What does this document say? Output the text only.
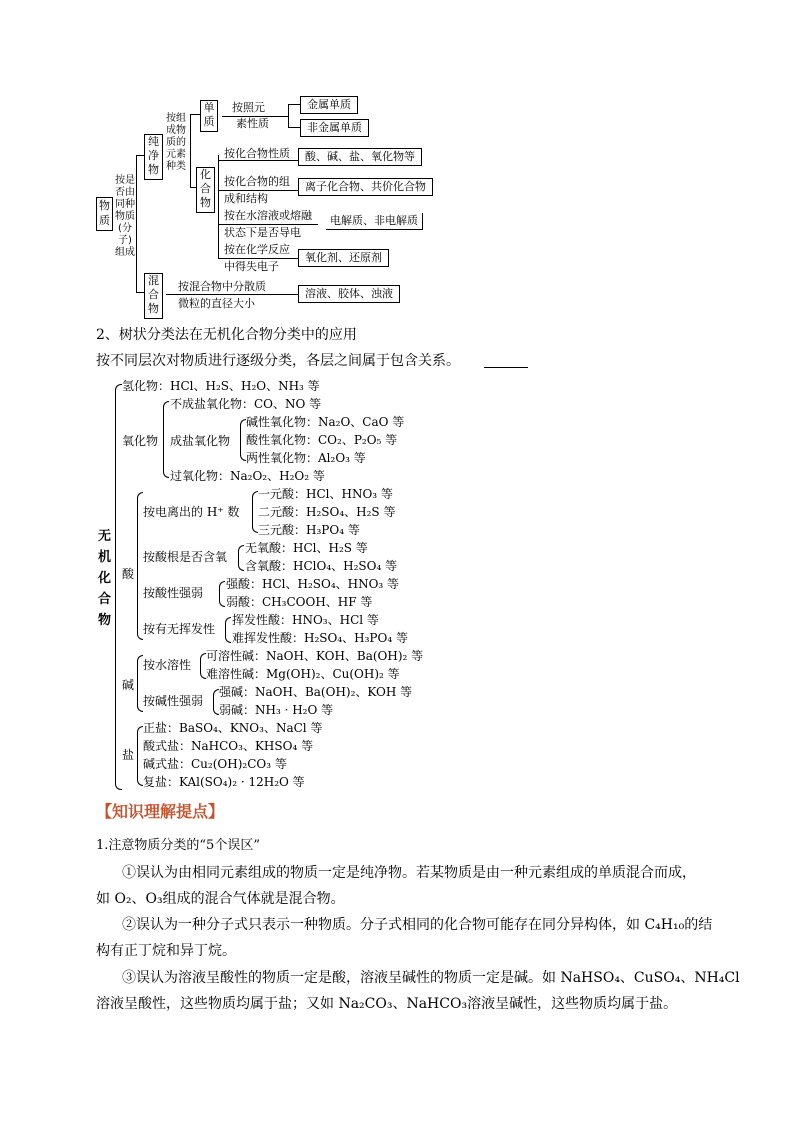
物质
按是
否由
同种
物质
(分子)
组成
纯净物
按组
成物
质的
元素
种类
单质
按照元
素性质
金属单质
非金属单质
化合物
按化合物性质	酸、碱、盐、氧化物等
按化合物的组
成和结构
离子化合物、共价化合物
按在水溶液或熔融
状态下是否导电
电解质、非电解质
按在化学反应
中得失电子
氧化剂、还原剂
混合物
按混合物中分散质
微粒的直径大小
溶液、胶体、浊液
2、树状分类法在无机化合物分类中的应用
按不同层次对物质进行逐级分类，各层之间属于包含关系。
无机化合物
氢化物：HCl、H₂S、H₂O、NH₃ 等
氧化物
不成盐氧化物：CO、NO 等
成盐氧化物
碱性氧化物：Na₂O、CaO 等
酸性氧化物：CO₂、P₂O₅ 等
两性氧化物：Al₂O₃ 等
过氧化物：Na₂O₂、H₂O₂ 等
酸
按电离出的 H⁺ 数
一元酸：HCl、HNO₃ 等
二元酸：H₂SO₄、H₂S 等
三元酸：H₃PO₄ 等
按酸根是否含氧
无氧酸：HCl、H₂S 等
含氧酸：HClO₄、H₂SO₄ 等
按酸性强弱
强酸：HCl、H₂SO₄、HNO₃ 等
弱酸：CH₃COOH、HF 等
按有无挥发性
挥发性酸：HNO₃、HCl 等
难挥发性酸：H₂SO₄、H₃PO₄ 等
碱
按水溶性
可溶性碱：NaOH、KOH、Ba(OH)₂ 等
难溶性碱：Mg(OH)₂、Cu(OH)₂ 等
按碱性强弱
强碱：NaOH、Ba(OH)₂、KOH 等
弱碱：NH₃ · H₂O 等
盐
正盐：BaSO₄、KNO₃、NaCl 等
酸式盐：NaHCO₃、KHSO₄ 等
碱式盐：Cu₂(OH)₂CO₃ 等
复盐：KAl(SO₄)₂ · 12H₂O 等
【知识理解提点】
1.注意物质分类的“5个误区”
①误认为由相同元素组成的物质一定是纯净物。若某物质是由一种元素组成的单质混合而成，
如 O₂、O₃组成的混合气体就是混合物。
②误认为一种分子式只表示一种物质。分子式相同的化合物可能存在同分异构体，如 C₄H₁₀的结
构有正丁烷和异丁烷。
③误认为溶液呈酸性的物质一定是酸，溶液呈碱性的物质一定是碱。如 NaHSO₄、CuSO₄、NH₄Cl
溶液呈酸性，这些物质均属于盐；又如 Na₂CO₃、NaHCO₃溶液呈碱性，这些物质均属于盐。
